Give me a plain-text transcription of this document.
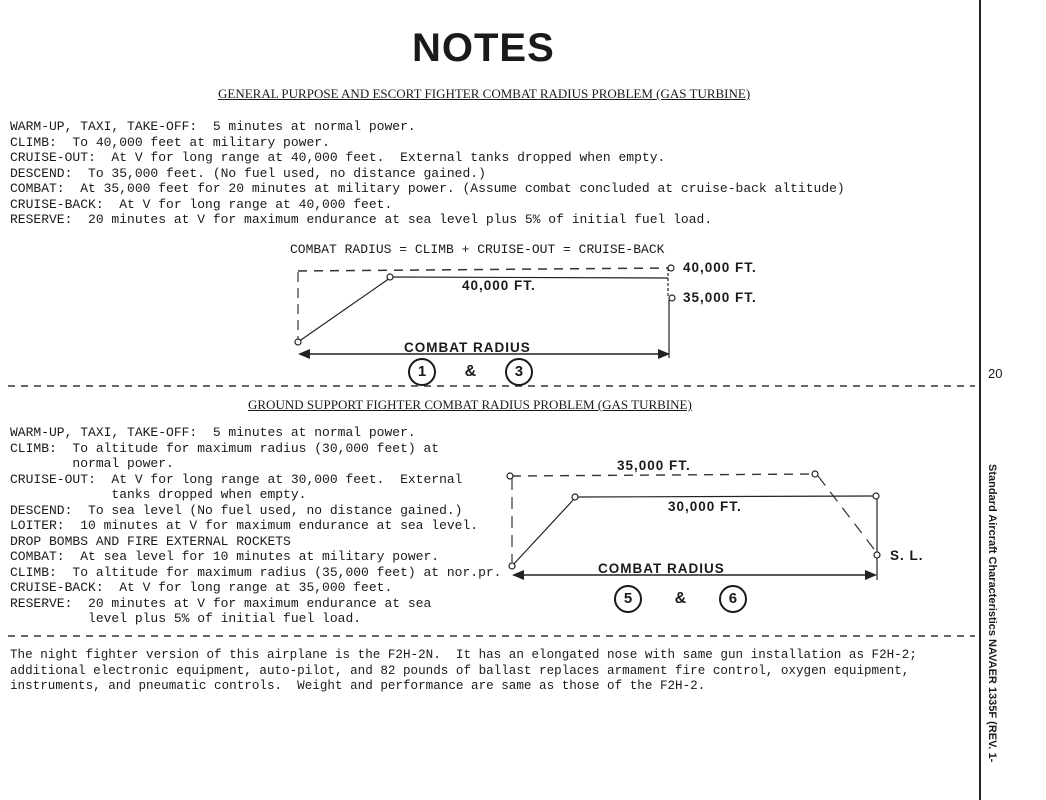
NOTES
GENERAL PURPOSE AND ESCORT FIGHTER COMBAT RADIUS PROBLEM (GAS TURBINE)
WARM-UP, TAXI, TAKE-OFF:  5 minutes at normal power.
CLIMB:  To 40,000 feet at military power.
CRUISE-OUT:  At V for long range at 40,000 feet.  External tanks dropped when empty.
DESCEND:  To 35,000 feet. (No fuel used, no distance gained.)
COMBAT:  At 35,000 feet for 20 minutes at military power. (Assume combat concluded at cruise-back altitude)
CRUISE-BACK:  At V for long range at 40,000 feet.
RESERVE:  20 minutes at V for maximum endurance at sea level plus 5% of initial fuel load.
COMBAT RADIUS = CLIMB + CRUISE-OUT = CRUISE-BACK
40,000 FT.
40,000 FT.
35,000 FT.
COMBAT RADIUS
1 &	3	20
GROUND SUPPORT FIGHTER COMBAT RADIUS PROBLEM (GAS TURBINE)
WARM-UP, TAXI, TAKE-OFF:  5 minutes at normal power.
CLIMB:  To altitude for maximum radius (30,000 feet) at
normal power.
CRUISE-OUT:  At V for long range at 30,000 feet.  External
tanks dropped when empty.
DESCEND:  To sea level (No fuel used, no distance gained.)
LOITER:  10 minutes at V for maximum endurance at sea level.
DROP BOMBS AND FIRE EXTERNAL ROCKETS
COMBAT:  At sea level for 10 minutes at military power.
CLIMB:  To altitude for maximum radius (35,000 feet) at nor.pr.
CRUISE-BACK:  At V for long range at 35,000 feet.
RESERVE:  20 minutes at V for maximum endurance at sea
level plus 5% of initial fuel load.
35,000 FT.
30,000 FT.
S. L.
COMBAT RADIUS
5	&	6
The night fighter version of this airplane is the F2H-2N.  It has an elongated nose with same gun installation as F2H-2;
additional electronic equipment, auto-pilot, and 82 pounds of ballast replaces armament fire control, oxygen equipment,
instruments, and pneumatic controls.  Weight and performance are same as those of the F2H-2.	Standard Aircraft Characteristics NAVAER 1335F (REV. 1-
